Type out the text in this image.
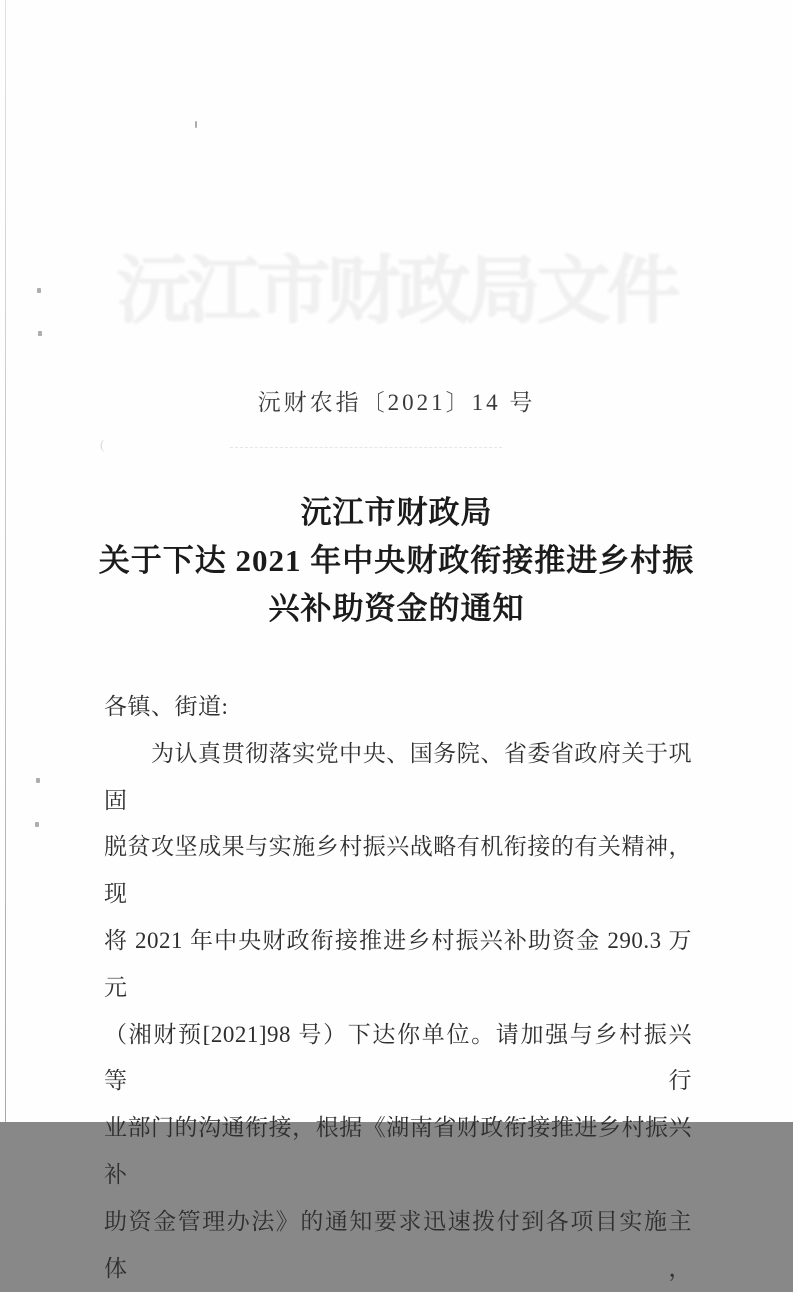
沅江市财政局文件
沅财农指〔2021〕14 号
(
沅江市财政局
关于下达 2021 年中央财政衔接推进乡村振
兴补助资金的通知
各镇、街道:
为认真贯彻落实党中央、国务院、省委省政府关于巩固
脱贫攻坚成果与实施乡村振兴战略有机衔接的有关精神，现
将 2021 年中央财政衔接推进乡村振兴补助资金 290.3 万元
（湘财预[2021]98 号）下达你单位。请加强与乡村振兴等行
业部门的沟通衔接，根据《湖南省财政衔接推进乡村振兴补
助资金管理办法》的通知要求迅速拨付到各项目实施主体，
